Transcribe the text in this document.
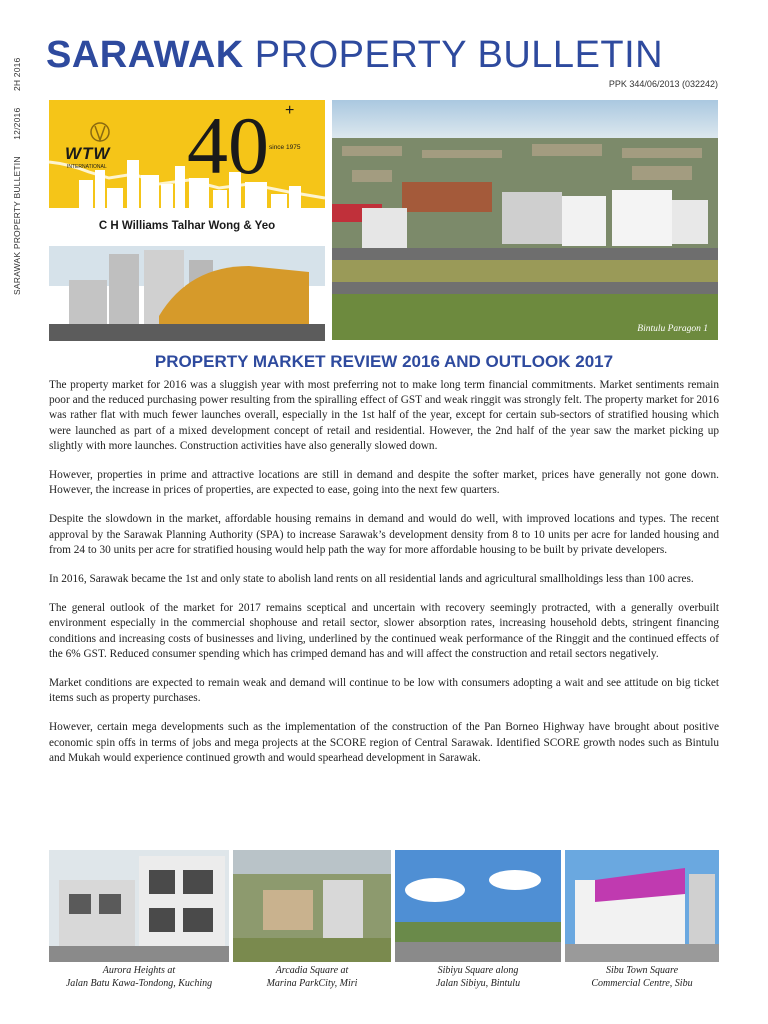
SARAWAK PROPERTY BULLETIN 12/2016 2H 2016 SARAWAK PROPERTY BULLETIN
PPK 344/06/2013 (032242)
WTW
INTERNATIONAL 40 +
since 1975
C H Williams Talhar Wong & Yeo
Bintulu Paragon 1
PROPERTY MARKET REVIEW 2016 AND OUTLOOK 2017

The property market for 2016 was a sluggish year with most preferring not to make long term financial commitments. Market sentiments remain poor and the reduced purchasing power resulting from the spiralling effect of GST and weak ringgit was strongly felt. The property market for 2016 was rather flat with much fewer launches overall, especially in the 1st half of the year, except for certain sub-sectors of stratified housing which were launched as part of a mixed development concept of retail and residential. However, the 2nd half of the year saw the market picking up slightly with more launches. Construction activities have also generally slowed down.

However, properties in prime and attractive locations are still in demand and despite the softer market, prices have generally not gone down. However, the increase in prices of properties, are expected to ease, going into the next few quarters.

Despite the slowdown in the market, affordable housing remains in demand and would do well, with improved locations and types. The recent approval by the Sarawak Planning Authority (SPA) to increase Sarawak’s development density from 8 to 10 units per acre for landed housing and from 24 to 30 units per acre for stratified housing would help path the way for more affordable housing to be built by private developers.

In 2016, Sarawak became the 1st and only state to abolish land rents on all residential lands and agricultural smallholdings less than 100 acres.

The general outlook of the market for 2017 remains sceptical and uncertain with recovery seemingly protracted, with a generally overbuilt environment especially in the commercial shophouse and retail sector, slower absorption rates, increasing household debts, stringent financing conditions and increasing costs of businesses and living, underlined by the continued weak performance of the Ringgit and the continued effects of the 6% GST. Reduced consumer spending which has crimped demand has and will affect the construction and retail sectors negatively.

Market conditions are expected to remain weak and demand will continue to be low with consumers adopting a wait and see attitude on big ticket items such as property purchases.

However, certain mega developments such as the implementation of the construction of the Pan Borneo Highway have brought about positive economic spin offs in terms of jobs and mega projects at the SCORE region of Central Sarawak. Identified SCORE growth nodes such as Bintulu and Mukah would experience continued growth and would spearhead development in Sarawak.

Aurora Heights at
Jalan Batu Kawa-Tondong, Kuching
Arcadia Square at
Marina ParkCity, Miri
Sibiyu Square along
Jalan Sibiyu, Bintulu
Sibu Town Square
Commercial Centre, Sibu
